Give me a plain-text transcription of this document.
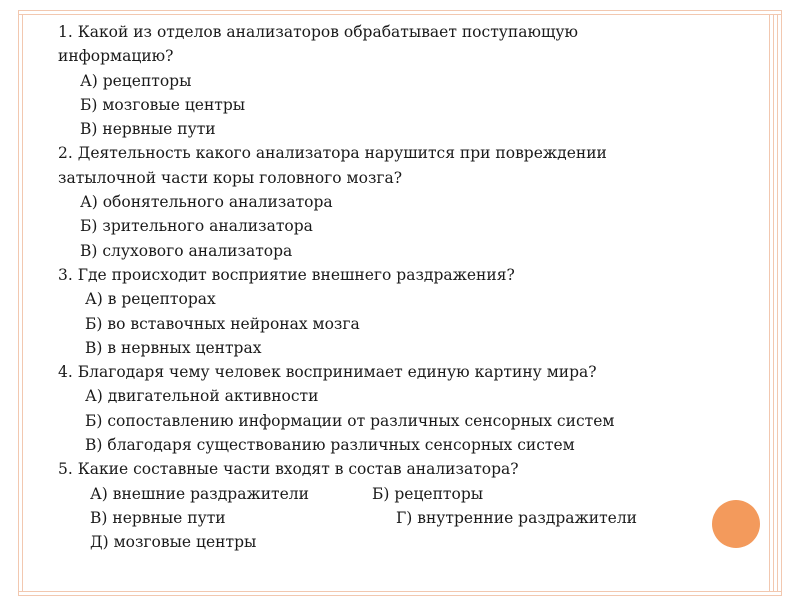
1. Какой из отделов анализаторов обрабатывает поступающую
информацию?
А) рецепторы
Б) мозговые центры
В) нервные пути
2. Деятельность какого анализатора нарушится при повреждении
затылочной части коры головного мозга?
А) обонятельного анализатора
Б) зрительного анализатора
В) слухового анализатора
3. Где происходит восприятие внешнего раздражения?
А) в рецепторах
Б) во вставочных нейронах мозга
В) в нервных центрах
4. Благодаря чему человек воспринимает единую картину мира?
А) двигательной активности
Б) сопоставлению информации от различных сенсорных систем
В) благодаря существованию различных сенсорных систем
5. Какие составные части входят в состав анализатора?
А) внешние раздражители	Б) рецепторы
В) нервные пути	Г) внутренние раздражители
Д) мозговые центры
